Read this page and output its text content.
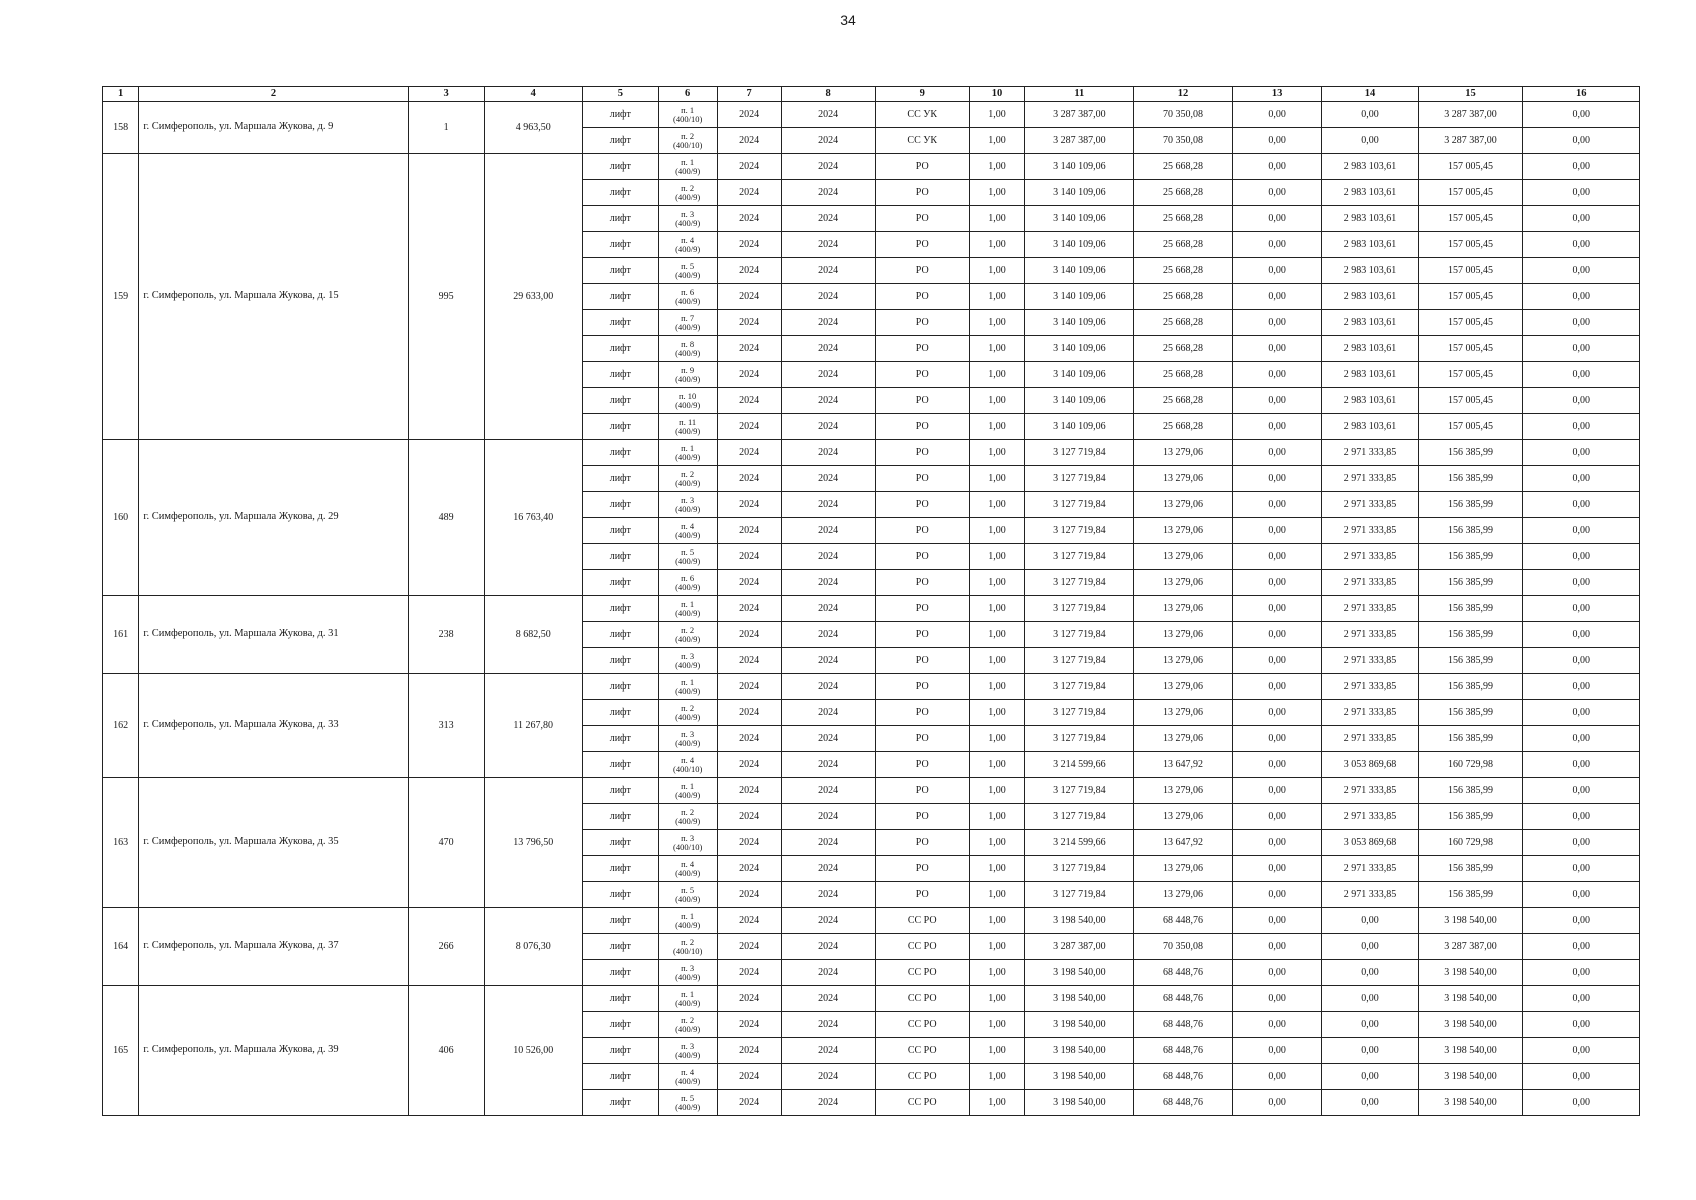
34
1	2	3	4	5	6	7	8	9	10	11	12	13	14	15	16
158	г. Симферополь, ул. Маршала Жукова, д. 9	1	4 963,50	лифт	п. 1
(400/10)	2024	2024	СС УК	1,00	3 287 387,00	70 350,08	0,00	0,00	3 287 387,00	0,00
				лифт	п. 2
(400/10)	2024	2024	СС УК	1,00	3 287 387,00	70 350,08	0,00	0,00	3 287 387,00	0,00
159	г. Симферополь, ул. Маршала Жукова, д. 15	995	29 633,00	лифт	п. 1
(400/9)	2024	2024	РО	1,00	3 140 109,06	25 668,28	0,00	2 983 103,61	157 005,45	0,00
				лифт	п. 2
(400/9)	2024	2024	РО	1,00	3 140 109,06	25 668,28	0,00	2 983 103,61	157 005,45	0,00
				лифт	п. 3
(400/9)	2024	2024	РО	1,00	3 140 109,06	25 668,28	0,00	2 983 103,61	157 005,45	0,00
				лифт	п. 4
(400/9)	2024	2024	РО	1,00	3 140 109,06	25 668,28	0,00	2 983 103,61	157 005,45	0,00
				лифт	п. 5
(400/9)	2024	2024	РО	1,00	3 140 109,06	25 668,28	0,00	2 983 103,61	157 005,45	0,00
				лифт	п. 6
(400/9)	2024	2024	РО	1,00	3 140 109,06	25 668,28	0,00	2 983 103,61	157 005,45	0,00
				лифт	п. 7
(400/9)	2024	2024	РО	1,00	3 140 109,06	25 668,28	0,00	2 983 103,61	157 005,45	0,00
				лифт	п. 8
(400/9)	2024	2024	РО	1,00	3 140 109,06	25 668,28	0,00	2 983 103,61	157 005,45	0,00
				лифт	п. 9
(400/9)	2024	2024	РО	1,00	3 140 109,06	25 668,28	0,00	2 983 103,61	157 005,45	0,00
				лифт	п. 10
(400/9)	2024	2024	РО	1,00	3 140 109,06	25 668,28	0,00	2 983 103,61	157 005,45	0,00
				лифт	п. 11
(400/9)	2024	2024	РО	1,00	3 140 109,06	25 668,28	0,00	2 983 103,61	157 005,45	0,00
160	г. Симферополь, ул. Маршала Жукова, д. 29	489	16 763,40	лифт	п. 1
(400/9)	2024	2024	РО	1,00	3 127 719,84	13 279,06	0,00	2 971 333,85	156 385,99	0,00
				лифт	п. 2
(400/9)	2024	2024	РО	1,00	3 127 719,84	13 279,06	0,00	2 971 333,85	156 385,99	0,00
				лифт	п. 3
(400/9)	2024	2024	РО	1,00	3 127 719,84	13 279,06	0,00	2 971 333,85	156 385,99	0,00
				лифт	п. 4
(400/9)	2024	2024	РО	1,00	3 127 719,84	13 279,06	0,00	2 971 333,85	156 385,99	0,00
				лифт	п. 5
(400/9)	2024	2024	РО	1,00	3 127 719,84	13 279,06	0,00	2 971 333,85	156 385,99	0,00
				лифт	п. 6
(400/9)	2024	2024	РО	1,00	3 127 719,84	13 279,06	0,00	2 971 333,85	156 385,99	0,00
161	г. Симферополь, ул. Маршала Жукова, д. 31	238	8 682,50	лифт	п. 1
(400/9)	2024	2024	РО	1,00	3 127 719,84	13 279,06	0,00	2 971 333,85	156 385,99	0,00
				лифт	п. 2
(400/9)	2024	2024	РО	1,00	3 127 719,84	13 279,06	0,00	2 971 333,85	156 385,99	0,00
				лифт	п. 3
(400/9)	2024	2024	РО	1,00	3 127 719,84	13 279,06	0,00	2 971 333,85	156 385,99	0,00
162	г. Симферополь, ул. Маршала Жукова, д. 33	313	11 267,80	лифт	п. 1
(400/9)	2024	2024	РО	1,00	3 127 719,84	13 279,06	0,00	2 971 333,85	156 385,99	0,00
				лифт	п. 2
(400/9)	2024	2024	РО	1,00	3 127 719,84	13 279,06	0,00	2 971 333,85	156 385,99	0,00
				лифт	п. 3
(400/9)	2024	2024	РО	1,00	3 127 719,84	13 279,06	0,00	2 971 333,85	156 385,99	0,00
				лифт	п. 4
(400/10)	2024	2024	РО	1,00	3 214 599,66	13 647,92	0,00	3 053 869,68	160 729,98	0,00
163	г. Симферополь, ул. Маршала Жукова, д. 35	470	13 796,50	лифт	п. 1
(400/9)	2024	2024	РО	1,00	3 127 719,84	13 279,06	0,00	2 971 333,85	156 385,99	0,00
				лифт	п. 2
(400/9)	2024	2024	РО	1,00	3 127 719,84	13 279,06	0,00	2 971 333,85	156 385,99	0,00
				лифт	п. 3
(400/10)	2024	2024	РО	1,00	3 214 599,66	13 647,92	0,00	3 053 869,68	160 729,98	0,00
				лифт	п. 4
(400/9)	2024	2024	РО	1,00	3 127 719,84	13 279,06	0,00	2 971 333,85	156 385,99	0,00
				лифт	п. 5
(400/9)	2024	2024	РО	1,00	3 127 719,84	13 279,06	0,00	2 971 333,85	156 385,99	0,00
164	г. Симферополь, ул. Маршала Жукова, д. 37	266	8 076,30	лифт	п. 1
(400/9)	2024	2024	СС РО	1,00	3 198 540,00	68 448,76	0,00	0,00	3 198 540,00	0,00
				лифт	п. 2
(400/10)	2024	2024	СС РО	1,00	3 287 387,00	70 350,08	0,00	0,00	3 287 387,00	0,00
				лифт	п. 3
(400/9)	2024	2024	СС РО	1,00	3 198 540,00	68 448,76	0,00	0,00	3 198 540,00	0,00
165	г. Симферополь, ул. Маршала Жукова, д. 39	406	10 526,00	лифт	п. 1
(400/9)	2024	2024	СС РО	1,00	3 198 540,00	68 448,76	0,00	0,00	3 198 540,00	0,00
				лифт	п. 2
(400/9)	2024	2024	СС РО	1,00	3 198 540,00	68 448,76	0,00	0,00	3 198 540,00	0,00
				лифт	п. 3
(400/9)	2024	2024	СС РО	1,00	3 198 540,00	68 448,76	0,00	0,00	3 198 540,00	0,00
				лифт	п. 4
(400/9)	2024	2024	СС РО	1,00	3 198 540,00	68 448,76	0,00	0,00	3 198 540,00	0,00
				лифт	п. 5
(400/9)	2024	2024	СС РО	1,00	3 198 540,00	68 448,76	0,00	0,00	3 198 540,00	0,00
